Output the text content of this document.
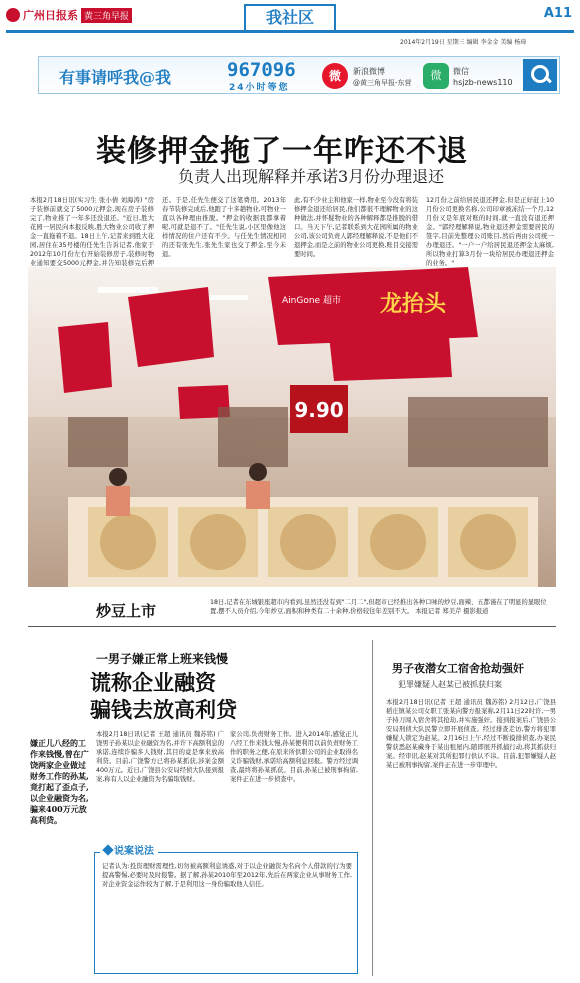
广州日报系 黄三角早报	我社区	A11
2014年2月19日 星期三 编辑 李金金 美编 杨琦
有事请呼我@我	967096
24小时等您
微	新浪微博
@黄三角早报-东营
微	微信
hsjzb-news110
装修押金拖了一年咋还不退
负责人出现解释并承诺3月份办理退还
本报2月18日讯(实习生 张小倩 刘海涛) "房子装修前就交了5000元押金,现在房子装修完了,物业推了一年多还没退还。"近日,胜大花园一居民向本报反映,胜大物业公司收了押金一直拖着不退。18日上午,记者来到胜大花园,居住在35号楼的任先生告诉记者,他家于2012年10月份左右开始装修房子,装修时物业通知要交5000元押金,并告知装修完后押
还。于是,任先生便交了这笔费用。2013年春节装修完成后,他跑了十多趟物业,可物业一直以各种理由推脱。"押金的收据我都拿着呢,可就是退不了。"任先生说,小区里像他这样情况的住户还有不少。与任先生情况相同的还有张先生,张先生家也交了押金,至今未退。
此,有不少业主和他家一样,物业至今没有将装修押金退还给居民,他们都很不理解物业的这种做法,并怀疑物业的各种解释都是推脱的借口。当天下午,记者联系到大花园所属的物业公司,该公司负责人郭经理解释说,不是他们不退押金,而是之前的物业公司更换,账目交接需要时间。
12月份之前给居民退还押金,但是正好赶上10月份公司更换名称,公司印章被冻结一个月,12月份又是年底对账的时间,就一直没有退还押金。"郭经理解释说,物业退还押金需要居民的签字,目前先整理公司账目,然后再由公司统一办理退还。"一户一户给居民退还押金太麻烦,所以物业打算3月份一块给居民办理退还押金的业务。"
9.90
龙抬头
AinGone 超市
炒豆上市	18日,记者在东城银座超市内看到,虽然还没有到"二月二",但超市已经推出各种口味的炒豆,面辣、五都谨在了明显的显眼位置,摆不人员介绍,今年炒豆,面积和种类有二十余种,价格较往年差别不大。 本报记者 郑美芹 摄影报道
一男子嫌正常上班来钱慢
谎称企业融资
骗钱去放高利贷
嫌正儿八经的工作来钱慢,曾在广饶两家企业做过财务工作的孙某,竟打起了歪点子,以企业融资为名,骗来400万元放高利贷。
本报2月18日讯(记者 王超 通讯员 魏苏铭) 广饶男子孙某以企业融资为名,并许下高额利息的承诺,连续诈骗多人钱财,其目的竟是拿来放高利贷。目前,广饶警方已将孙某抓获,涉案金额400万元。近日,广饶县公安局经侦大队接到报案,称有人以企业融资为名骗取钱财。
家公司,负责财务工作。进入2014年,感觉正儿八经工作来钱太慢,孙某便利用以前负责财务工作的职务之便,在原来所供职公司的企业取得名义诈骗钱财,承诺给高额利息回报。警方经过调查,最终将孙某抓获。目前,孙某已被刑事拘留,案件正在进一步侦查中。
说案说法
记者认为:投资理财需理性,切勿被高额利息诱惑,对于以企业融资为名向个人借款的行为要提高警惕,必要时及时报警。据了解,孙某2010年至2012年,先后在两家企业从事财务工作,对企业资金运作较为了解,于是利用这一身份骗取他人信任。
男子夜潜女工宿舍抢劫强奸
犯罪嫌疑人赵某已被抓获归案
本报2月18日讯(记者 王超 通讯员 魏苏铭) 2月12日,广饶县稻庄镇某公司女职工张某向警方报案称,2月11日22时许,一男子持刀闯入宿舍将其抢劫,并实施强奸。接到报案后,广饶县公安局刑侦大队民警立即开展侦查。经过排查走访,警方将犯罪嫌疑人锁定为赵某。2月16日上午,经过不断摸排侦查,办案民警获悉赵某藏身于某出租屋内,随即展开抓捕行动,将其抓获归案。经审讯,赵某对其所犯罪行供认不讳。目前,犯罪嫌疑人赵某已被刑事拘留,案件正在进一步审理中。
